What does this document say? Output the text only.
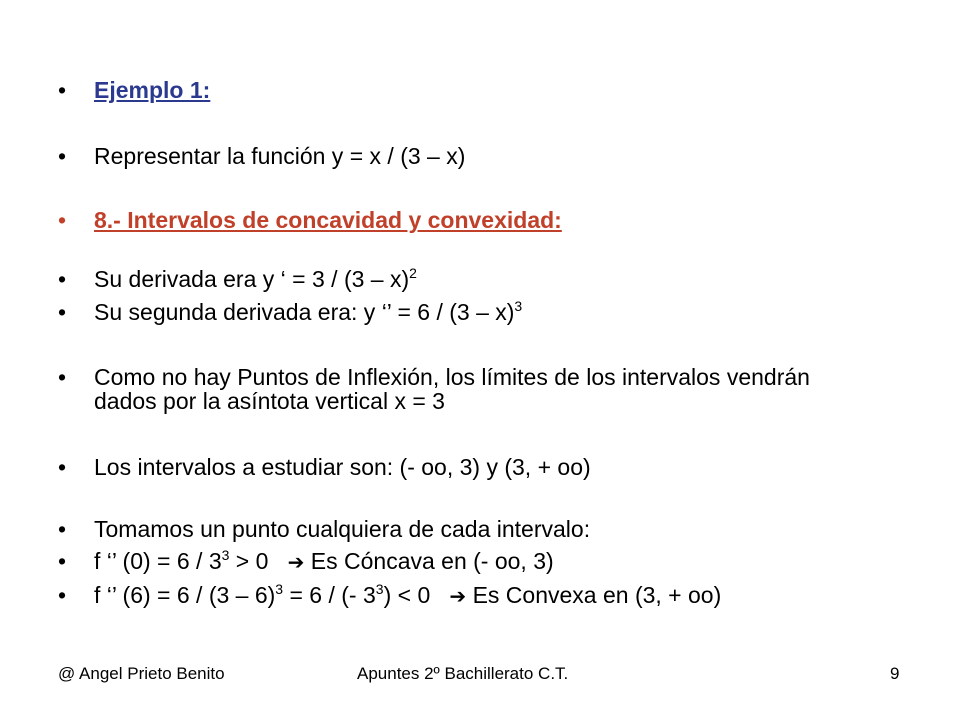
•	Ejemplo 1:
•	Representar la función y = x / (3 – x)
•	8.- Intervalos de concavidad y convexidad:
•	Su derivada era y ‘ = 3 / (3 – x)$^2$
•	Su segunda derivada era: y ‘’ = 6 / (3 – x)$^3$
•	Como no hay Puntos de Inflexión, los límites de los intervalos vendrán dados por la asíntota vertical x = 3
•	Los intervalos a estudiar son: (- oo, 3) y (3, + oo)
•	Tomamos un punto cualquiera de cada intervalo:
•	f ‘’ $(0) = 6 / 3^3 > 0$ ➔ Es Cóncava en (- oo, 3)
•	f ‘’ (6) = 6 / (3 – 6)$^3$ = 6 / (- $3^3) < 0$ ➔ Es Convexa en (3, + oo)
@ Angel Prieto Benito	Apuntes 2º Bachillerato C.T.	9
